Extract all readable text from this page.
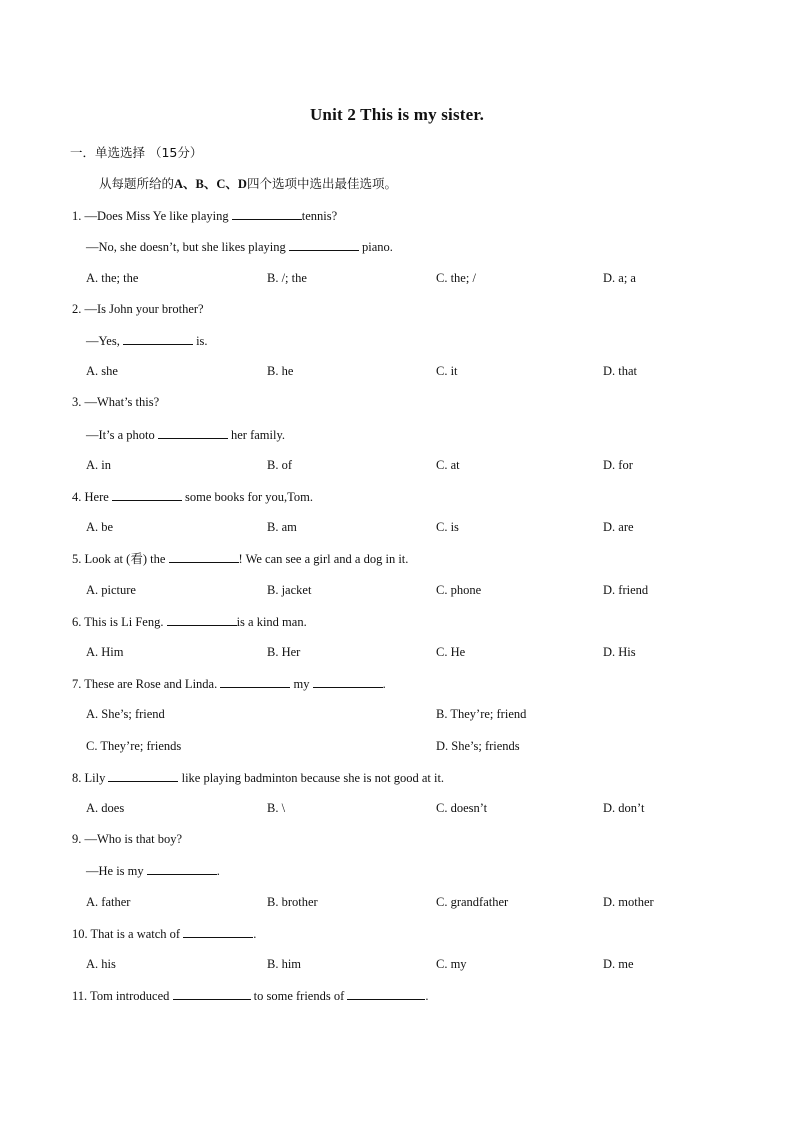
Unit 2 This is my sister.
一．单选选择 （15分）
从每题所给的A、B、C、D四个选项中选出最佳选项。
1. —Does Miss Ye like playing	tennis?
—No, she doesn’t, but she likes playing	piano.
A. the; the	B. /; the	C. the; /	D. a; a
2. —Is John your brother?
—Yes,	is.
A. she	B. he	C. it	D. that
3. —What’s this?
—It’s a photo	her family.
A. in	B. of	C. at	D. for
4. Here	some books for you,Tom.
A. be	B. am	C. is	D. are
5. Look at (看) the	! We can see a girl and a dog in it.
A. picture	B. jacket	C. phone	D. friend
6. This is Li Feng.	is a kind man.
A. Him	B. Her	C. He	D. His
7. These are Rose and Linda.	my	.
A. She’s; friend	B. They’re; friend
C. They’re; friends	D. She’s; friends
8. Lily	like playing badminton because she is not good at it.
A. does	B. \	C. doesn’t	D. don’t
9. —Who is that boy?
—He is my	.
A. father	B. brother	C. grandfather	D. mother
10. That is a watch of	.
A. his	B. him	C. my	D. me
11. Tom introduced	to some friends of	.
